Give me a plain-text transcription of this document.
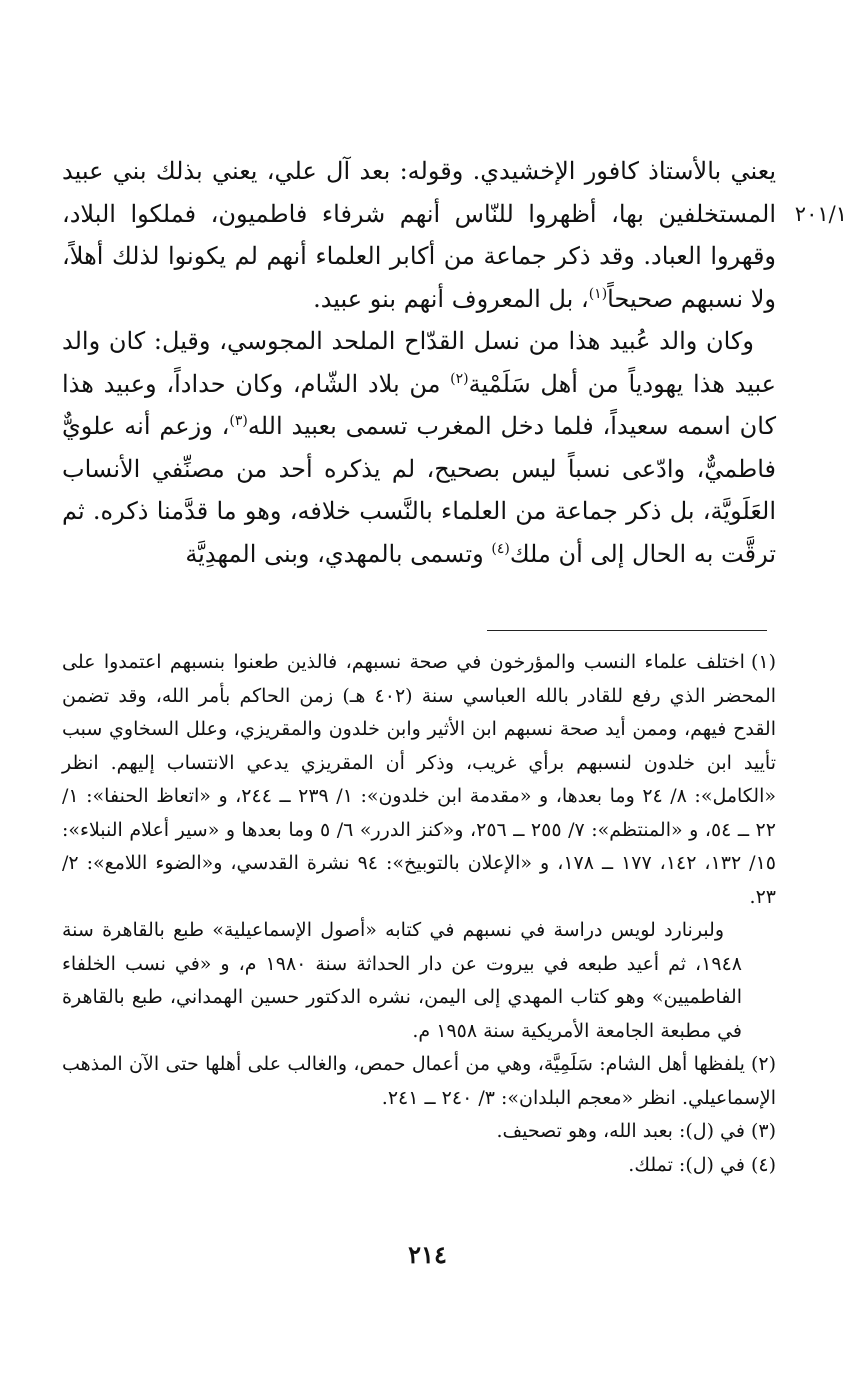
٢٠١/١

يعني بالأستاذ كافور الإخشيدي. وقوله: بعد آل علي، يعني بذلك بني عبيد المستخلفين بها، أظهروا للنّاس أنهم شرفاء فاطميون، فملكوا البلاد، وقهروا العباد. وقد ذكر جماعة من أكابر العلماء أنهم لم يكونوا لذلك أهلاً، ولا نسبهم صحيحاً$^{(١)}$، بل المعروف أنهم بنو عبيد.

وكان والد عُبيد هذا من نسل القدّاح الملحد المجوسي، وقيل: كان والد عبيد هذا يهودياً من أهل سَلَمْية$^{(٢)}$ من بلاد الشّام، وكان حداداً، وعبيد هذا كان اسمه سعيداً، فلما دخل المغرب تسمى بعبيد الله$^{(٣)}$، وزعم أنه علويٌّ فاطميٌّ، وادّعى نسباً ليس بصحيح، لم يذكره أحد من مصنِّفي الأنساب العَلَويَّة، بل ذكر جماعة من العلماء بالنَّسب خلافه، وهو ما قدَّمنا ذكره. ثم ترقَّت به الحال إلى أن ملك$^{(٤)}$ وتسمى بالمهدي، وبنى المهدِيَّة

(١)اختلف علماء النسب والمؤرخون في صحة نسبهم، فالذين طعنوا بنسبهم اعتمدوا على المحضر الذي رفع للقادر بالله العباسي سنة (٤٠٢ هـ) زمن الحاكم بأمر الله، وقد تضمن القدح فيهم، وممن أيد صحة نسبهم ابن الأثير وابن خلدون والمقريزي، وعلل السخاوي سبب تأييد ابن خلدون لنسبهم برأي غريب، وذكر أن المقريزي يدعي الانتساب إليهم. انظر «الكامل»: ٨/ ٢٤ وما بعدها، و «مقدمة ابن خلدون»: ١/ ٢٣٩ ــ ٢٤٤، و «اتعاظ الحنفا»: ١/ ٢٢ ــ ٥٤، و «المنتظم»: ٧/ ٢٥٥ ــ ٢٥٦، و«كنز الدرر» ٦/ ٥ وما بعدها و «سير أعلام النبلاء»: ١٥/ ١٣٢، ١٤٢، ١٧٧ ــ ١٧٨، و «الإعلان بالتوبيخ»: ٩٤ نشرة القدسي، و«الضوء اللامع»: ٢/ ٢٣.
ولبرنارد لويس دراسة في نسبهم في كتابه «أصول الإسماعيلية» طبع بالقاهرة سنة ١٩٤٨، ثم أعيد طبعه في بيروت عن دار الحداثة سنة ١٩٨٠ م، و «في نسب الخلفاء الفاطميين» وهو كتاب المهدي إلى اليمن، نشره الدكتور حسين الهمداني، طبع بالقاهرة في مطبعة الجامعة الأمريكية سنة ١٩٥٨ م.

(٢)يلفظها أهل الشام: سَلَمِيَّة، وهي من أعمال حمص، والغالب على أهلها حتى الآن المذهب الإسماعيلي. انظر «معجم البلدان»: ٣/ ٢٤٠ ــ ٢٤١.

(٣)في (ل): بعبد الله، وهو تصحيف.

(٤)في (ل): تملك.

٢١٤
